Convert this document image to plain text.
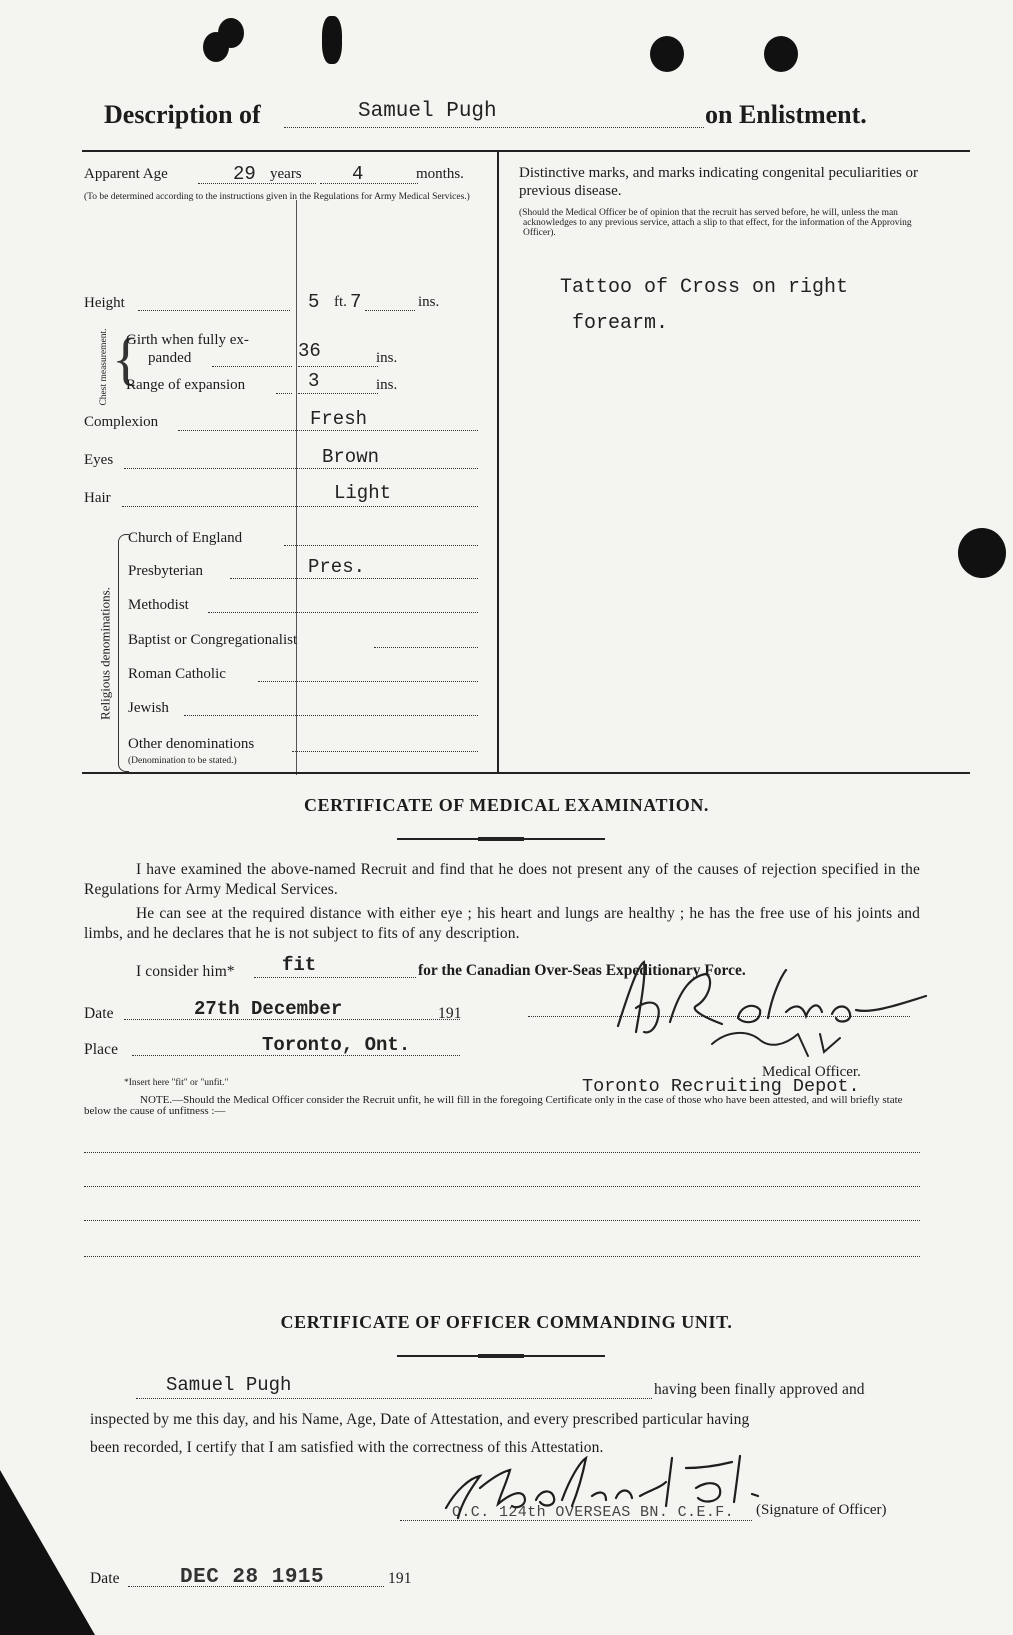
Description of	Samuel Pugh	on Enlistment.
Apparent Age	29 years	4	months.
(To be determined according to the instructions given in the Regulations for Army Medical Services.)
Height	5 ft. 7	ins.
Chest measurement. {
Girth when fully ex-
panded	36	ins.
Range of expansion	3	ins.
Complexion	Fresh
Eyes	Brown
Hair	Light
Religious denominations.
Church of England
Presbyterian	Pres.
Methodist
Baptist or Congregationalist
Roman Catholic
Jewish
Other denominations
(Denomination to be stated.)
Distinctive marks, and marks indicating congenital peculiarities or previous disease.
(Should the Medical Officer be of opinion that the recruit has served before, he will, unless the man acknowledges to any previous service, attach a slip to that effect, for the information of the Approving Officer).
Tattoo of Cross on right
forearm.
CERTIFICATE OF MEDICAL EXAMINATION.
I have examined the above-named Recruit and find that he does not present any of the causes of rejection specified in the Regulations for Army Medical Services.
He can see at the required distance with either eye ; his heart and lungs are healthy ; he has the free use of his joints and limbs, and he declares that he is not subject to fits of any description.
I consider him* fit	for the Canadian Over-Seas Expeditionary Force.
Date	27th December	191
Place	Toronto, Ont.
Medical Officer.
*Insert here "fit" or "unfit."	Toronto Recruiting Depot.
NOTE.—Should the Medical Officer consider the Recruit unfit, he will fill in the foregoing Certificate only in the case of those who have been attested, and will briefly state below the cause of unfitness :—
CERTIFICATE OF OFFICER COMMANDING UNIT.
Samuel Pugh	having been finally approved and
inspected by me this day, and his Name, Age, Date of Attestation, and every prescribed particular having
been recorded, I certify that I am satisfied with the correctness of this Attestation.
O.C. 124th OVERSEAS BN. C.E.F. (Signature of Officer)
Date	DEC 28 1915	191
